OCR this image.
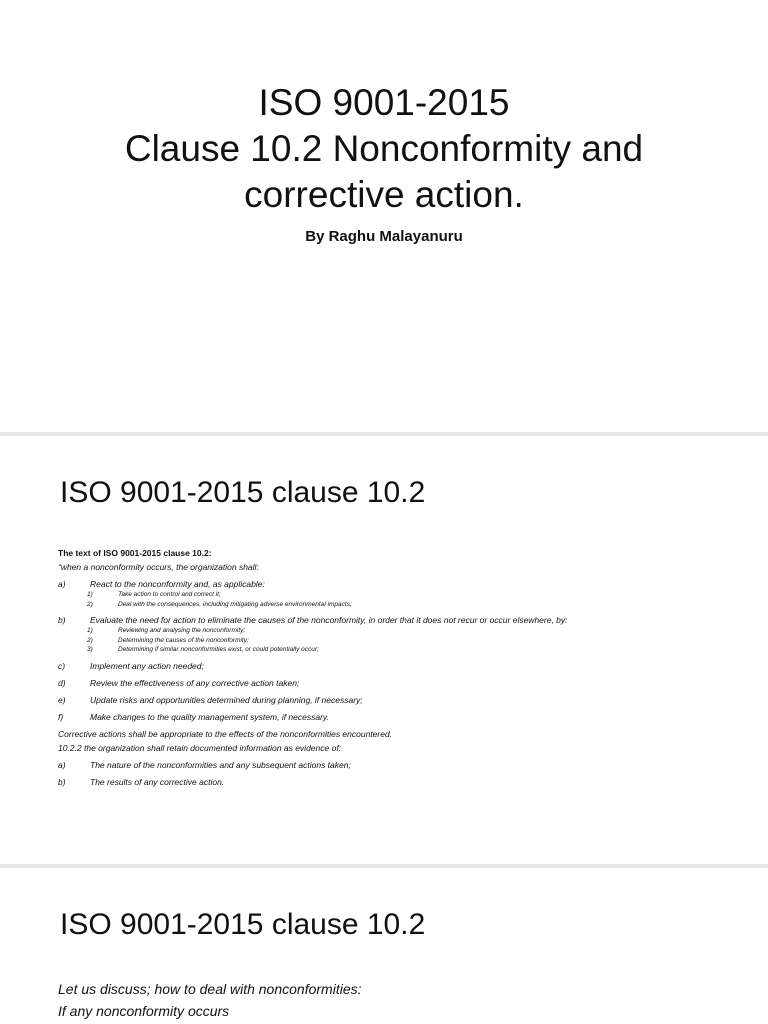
ISO 9001-2015
Clause 10.2 Nonconformity and
corrective action.
By Raghu Malayanuru
ISO 9001-2015 clause 10.2
The text of ISO 9001-2015 clause 10.2:
“when a nonconformity occurs, the organization shall:
a)	React to the nonconformity and, as applicable:
1)	Take action to control and correct it;
2)	Deal with the consequences, including mitigating adverse environmental impacts;
b)	Evaluate the need for action to eliminate the causes of the nonconformity, in order that it does not recur or occur elsewhere, by:
1)	Reviewing and analysing the nonconformity;
2)	Determining the causes of the nonconformity;
3)	Determining if similar nonconformities exist, or could potentially occur;
c)	Implement any action needed;
d)	Review the effectiveness of any corrective action taken;
e)	Update risks and opportunities determined during planning, if necessary;
f)	Make changes to the quality management system, if necessary.
Corrective actions shall be appropriate to the effects of the nonconformities encountered.
10.2.2 the organization shall retain documented information as evidence of:
a)	The nature of the nonconformities and any subsequent actions taken;
b)	The results of any corrective action.
ISO 9001-2015 clause 10.2
Let us discuss; how to deal with nonconformities:
If any nonconformity occurs
